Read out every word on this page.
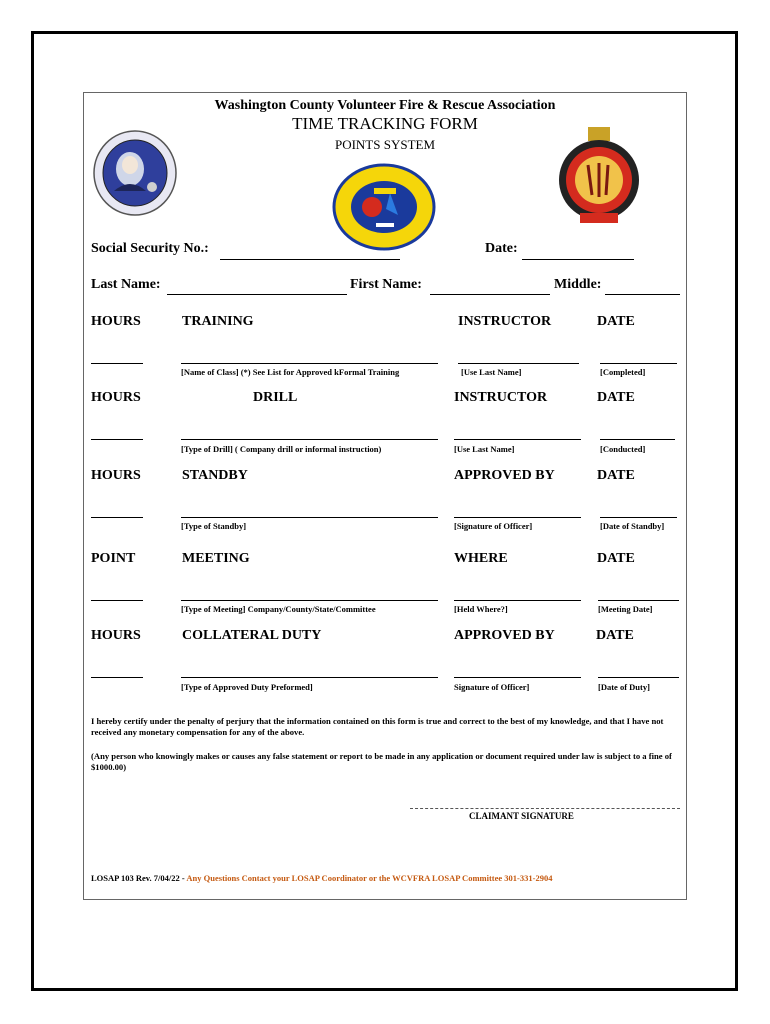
Washington County Volunteer Fire & Rescue Association
TIME TRACKING FORM
POINTS SYSTEM
Social Security No.:	Date:
Last Name:	First Name:	Middle:
HOURS	TRAINING	INSTRUCTOR	DATE
[Name of Class] (*) See List for Approved kFormal Training	[Use Last Name]	[Completed]
HOURS	DRILL	INSTRUCTOR	DATE
[Type of Drill] ( Company drill or informal instruction)	[Use Last Name]	[Conducted]
HOURS	STANDBY	APPROVED BY	DATE
[Type of Standby]	[Signature of Officer]	[Date of Standby]
POINT	MEETING	WHERE	DATE
[Type of Meeting] Company/County/State/Committee	[Held Where?]	[Meeting Date]
HOURS	COLLATERAL DUTY	APPROVED BY	DATE
[Type of Approved Duty Preformed]	Signature of Officer]	[Date of Duty]
I hereby certify under the penalty of perjury that the information contained on this form is true and correct to the best of my knowledge, and that I have not received any monetary compensation for any of the above.
(Any person who knowingly makes or causes any false statement or report to be made in any application or document required under law is subject to a fine of $1000.00)
CLAIMANT SIGNATURE
LOSAP 103 Rev. 7/04/22 - Any Questions Contact your LOSAP Coordinator or the WCVFRA LOSAP Committee 301-331-2904
